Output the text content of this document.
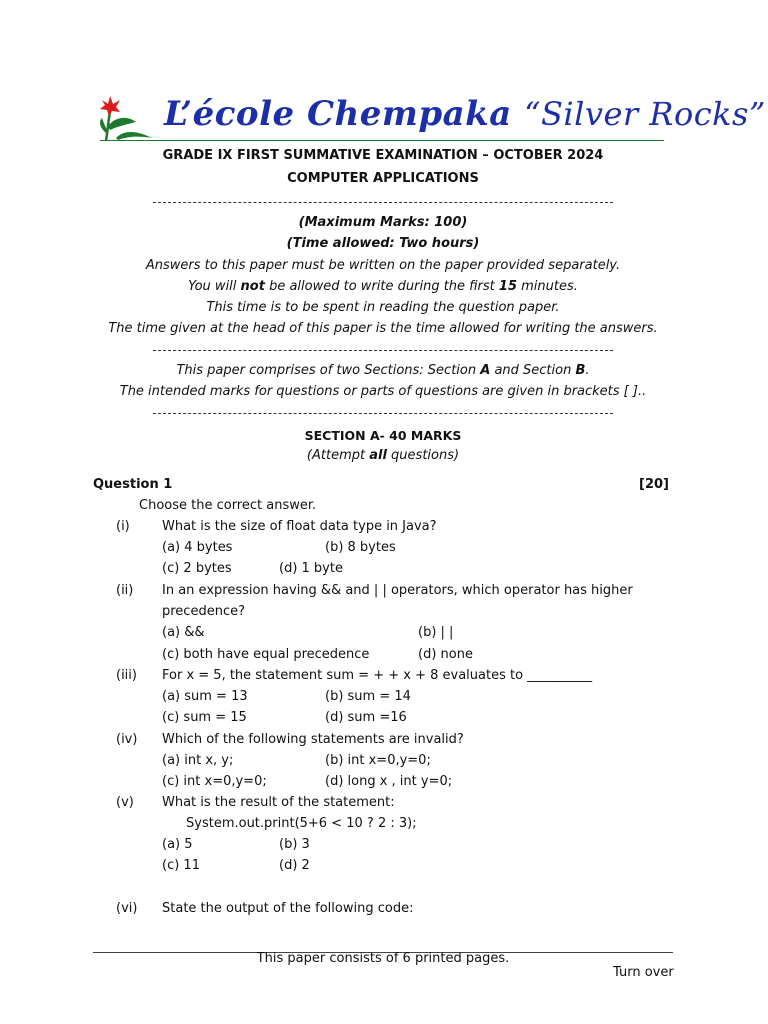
L’école Chempaka “Silver Rocks”
GRADE IX FIRST SUMMATIVE EXAMINATION – OCTOBER 2024
COMPUTER APPLICATIONS
(Maximum Marks: 100)
(Time allowed: Two hours)
Answers to this paper must be written on the paper provided separately.
You will not be allowed to write during the first 15 minutes.
This time is to be spent in reading the question paper.
The time given at the head of this paper is the time allowed for writing the answers.
This paper comprises of two Sections: Section A and Section B.
The intended marks for questions or parts of questions are given in brackets [ ]..
SECTION A- 40 MARKS
(Attempt all questions)
Question 1	[20]
Choose the correct answer.
(i) What is the size of float data type in Java?
(a) 4 bytes	(b) 8 bytes
(c) 2 bytes	(d) 1 byte
(ii) In an expression having && and | | operators, which operator has higher
precedence?
(a) &&	(b) | |
(c) both have equal precedence	(d) none
(iii) For x = 5, the statement sum = + + x + 8 evaluates to __________
(a) sum = 13	(b) sum = 14
(c) sum = 15	(d) sum =16
(iv) Which of the following statements are invalid?
(a) int x, y;	(b) int x=0,y=0;
(c) int x=0,y=0;	(d) long x , int y=0;
(v) What is the result of the statement:
System.out.print(5+6 < 10 ? 2 : 3);
(a) 5	(b) 3
(c) 11	(d) 2
(vi) State the output of the following code:
This paper consists of 6 printed pages.
Turn over
